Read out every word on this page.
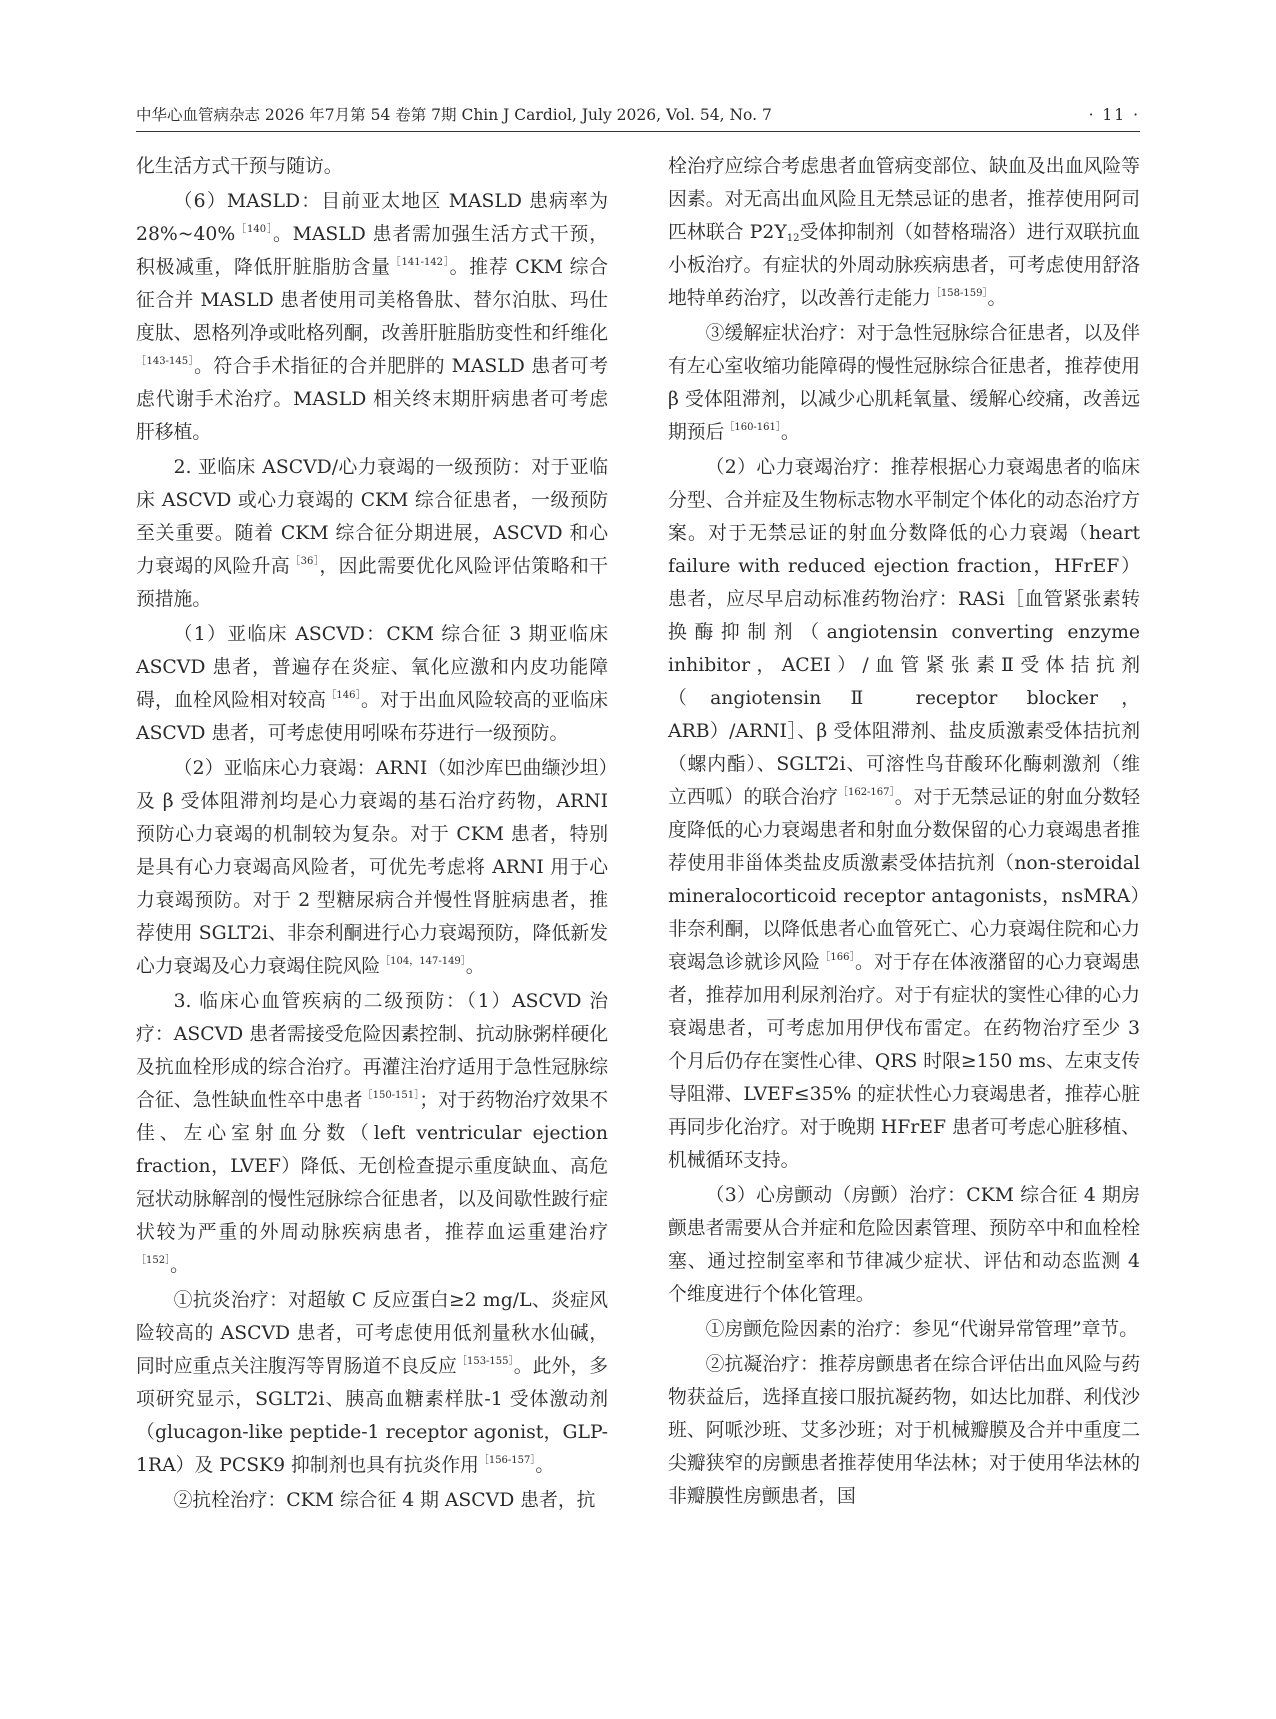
中华心血管病杂志 2026 年7月第 54 卷第 7期 Chin J Cardiol, July 2026, Vol. 54, No. 7	· 11 ·

化生活方式干预与随访。

（6）MASLD：目前亚太地区 MASLD 患病率为 28%~40%$^{[140]}$。MASLD 患者需加强生活方式干预，积极减重，降低肝脏脂肪含量$^{[141-142]}$。推荐 CKM 综合征合并 MASLD 患者使用司美格鲁肽、替尔泊肽、玛仕度肽、恩格列净或吡格列酮，改善肝脏脂肪变性和纤维化$^{[143-145]}$。符合手术指征的合并肥胖的 MASLD 患者可考虑代谢手术治疗。MASLD 相关终末期肝病患者可考虑肝移植。

2. 亚临床 ASCVD/心力衰竭的一级预防：对于亚临床 ASCVD 或心力衰竭的 CKM 综合征患者，一级预防至关重要。随着 CKM 综合征分期进展，ASCVD 和心力衰竭的风险升高$^{[36]}$，因此需要优化风险评估策略和干预措施。

（1）亚临床 ASCVD：CKM 综合征 3 期亚临床 ASCVD 患者，普遍存在炎症、氧化应激和内皮功能障碍，血栓风险相对较高$^{[146]}$。对于出血风险较高的亚临床 ASCVD 患者，可考虑使用吲哚布芬进行一级预防。

（2）亚临床心力衰竭：ARNI（如沙库巴曲缬沙坦）及 β 受体阻滞剂均是心力衰竭的基石治疗药物，ARNI 预防心力衰竭的机制较为复杂。对于 CKM 患者，特别是具有心力衰竭高风险者，可优先考虑将 ARNI 用于心力衰竭预防。对于 2 型糖尿病合并慢性肾脏病患者，推荐使用 SGLT2i、非奈利酮进行心力衰竭预防，降低新发心力衰竭及心力衰竭住院风险$^{[104,147-149]}$。

3. 临床心血管疾病的二级预防：（1）ASCVD 治疗：ASCVD 患者需接受危险因素控制、抗动脉粥样硬化及抗血栓形成的综合治疗。再灌注治疗适用于急性冠脉综合征、急性缺血性卒中患者$^{[150-151]}$；对于药物治疗效果不佳、左心室射血分数（left ventricular ejection fraction，LVEF）降低、无创检查提示重度缺血、高危冠状动脉解剖的慢性冠脉综合征患者，以及间歇性跛行症状较为严重的外周动脉疾病患者，推荐血运重建治疗$^{[152]}$。

①抗炎治疗：对超敏 C 反应蛋白≥2 mg/L、炎症风险较高的 ASCVD 患者，可考虑使用低剂量秋水仙碱，同时应重点关注腹泻等胃肠道不良反应$^{[153-155]}$。此外，多项研究显示，SGLT2i、胰高血糖素样肽-1 受体激动剂（glucagon-like peptide-1 receptor agonist，GLP-1RA）及 PCSK9 抑制剂也具有抗炎作用$^{[156-157]}$。

②抗栓治疗：CKM 综合征 4 期 ASCVD 患者，抗

栓治疗应综合考虑患者血管病变部位、缺血及出血风险等因素。对无高出血风险且无禁忌证的患者，推荐使用阿司匹林联合 $P2Y_{12}$受体抑制剂（如替格瑞洛）进行双联抗血小板治疗。有症状的外周动脉疾病患者，可考虑使用舒洛地特单药治疗，以改善行走能力$^{[158-159]}$。

③缓解症状治疗：对于急性冠脉综合征患者，以及伴有左心室收缩功能障碍的慢性冠脉综合征患者，推荐使用 β 受体阻滞剂，以减少心肌耗氧量、缓解心绞痛，改善远期预后$^{[160-161]}$。

（2）心力衰竭治疗：推荐根据心力衰竭患者的临床分型、合并症及生物标志物水平制定个体化的动态治疗方案。对于无禁忌证的射血分数降低的心力衰竭（heart failure with reduced ejection fraction，HFrEF）患者，应尽早启动标准药物治疗：RASi［血管紧张素转换酶抑制剂（angiotensin converting enzyme inhibitor，ACEI）/血管紧张素Ⅱ受体拮抗剂（angiotensin Ⅱ receptor blocker，ARB）/ARNI］、β 受体阻滞剂、盐皮质激素受体拮抗剂（螺内酯）、SGLT2i、可溶性鸟苷酸环化酶刺激剂（维立西呱）的联合治疗$^{[162-167]}$。对于无禁忌证的射血分数轻度降低的心力衰竭患者和射血分数保留的心力衰竭患者推荐使用非甾体类盐皮质激素受体拮抗剂（non-steroidal mineralocorticoid receptor antagonists，nsMRA）非奈利酮，以降低患者心血管死亡、心力衰竭住院和心力衰竭急诊就诊风险$^{[166]}$。对于存在体液潴留的心力衰竭患者，推荐加用利尿剂治疗。对于有症状的窦性心律的心力衰竭患者，可考虑加用伊伐布雷定。在药物治疗至少 3 个月后仍存在窦性心律、QRS 时限≥150 ms、左束支传导阻滞、LVEF≤35% 的症状性心力衰竭患者，推荐心脏再同步化治疗。对于晚期 HFrEF 患者可考虑心脏移植、机械循环支持。

（3）心房颤动（房颤）治疗：CKM 综合征 4 期房颤患者需要从合并症和危险因素管理、预防卒中和血栓栓塞、通过控制室率和节律减少症状、评估和动态监测 4 个维度进行个体化管理。

①房颤危险因素的治疗：参见“代谢异常管理”章节。

②抗凝治疗：推荐房颤患者在综合评估出血风险与药物获益后，选择直接口服抗凝药物，如达比加群、利伐沙班、阿哌沙班、艾多沙班；对于机械瓣膜及合并中重度二尖瓣狭窄的房颤患者推荐使用华法林；对于使用华法林的非瓣膜性房颤患者，国
